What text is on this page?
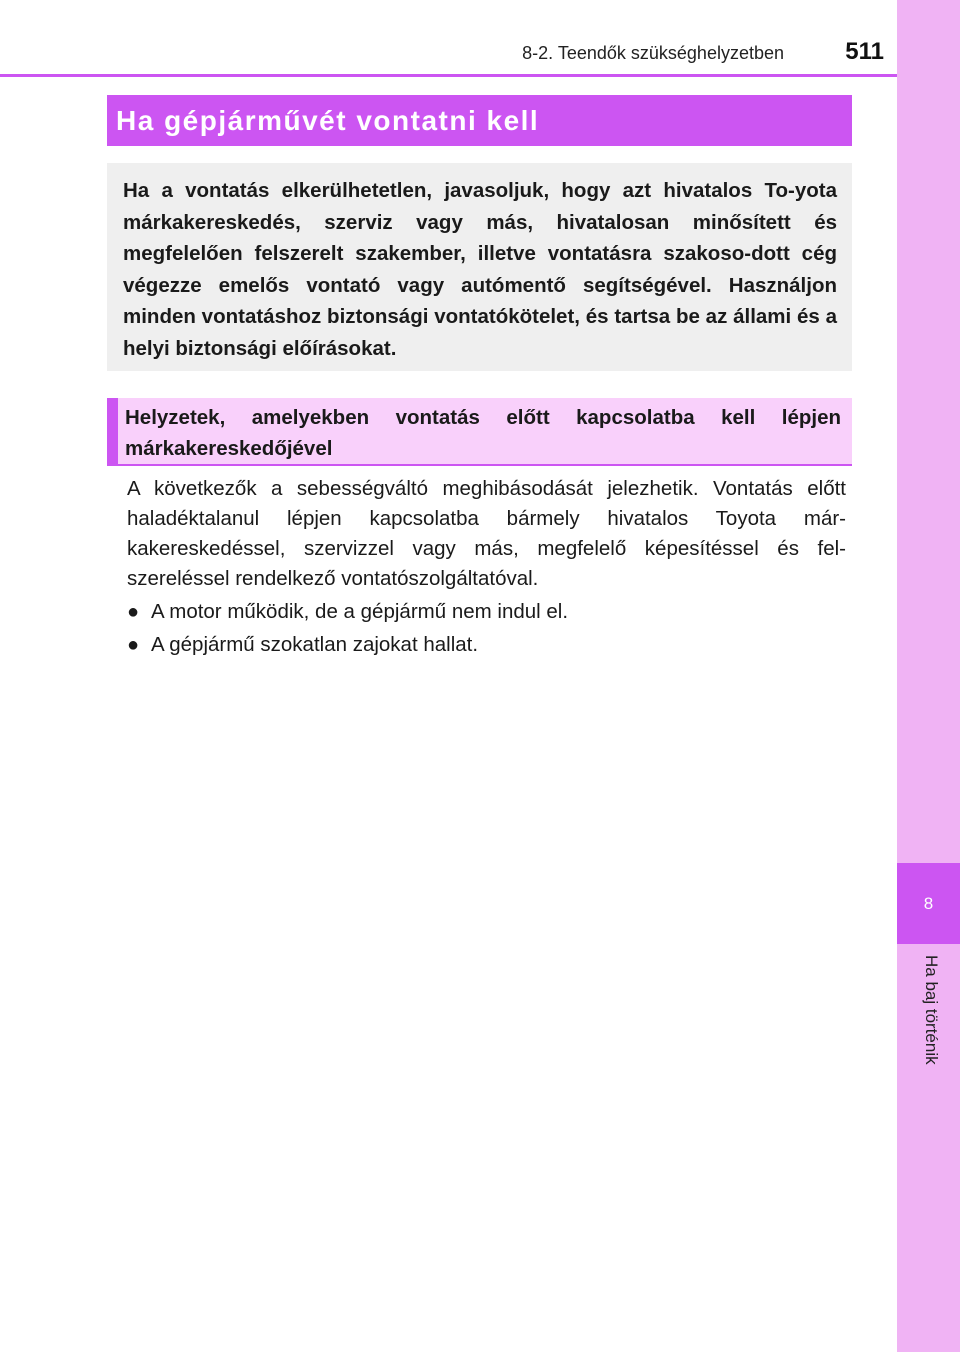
8-2. Teendők szükséghelyzetben	511
8
Ha baj történik
Ha gépjárművét vontatni kell

Ha a vontatás elkerülhetetlen, javasoljuk, hogy azt hivatalos To-yota márkakereskedés, szerviz vagy más, hivatalosan minősített és megfelelően felszerelt szakember, illetve vontatásra szakoso-dott cég végezze emelős vontató vagy autómentő segítségével. Használjon minden vontatáshoz biztonsági vontatókötelet, és tartsa be az állami és a helyi biztonsági előírásokat.

Helyzetek, amelyekben vontatás előtt kapcsolatba kell lépjen márkakereskedőjével

A következők a sebességváltó meghibásodását jelezhetik. Vontatás előtt haladéktalanul lépjen kapcsolatba bármely hivatalos Toyota már-kakereskedéssel, szervizzel vagy más, megfelelő képesítéssel és fel-szereléssel rendelkező vontatószolgáltatóval.

● A motor működik, de a gépjármű nem indul el.
● A gépjármű szokatlan zajokat hallat.
